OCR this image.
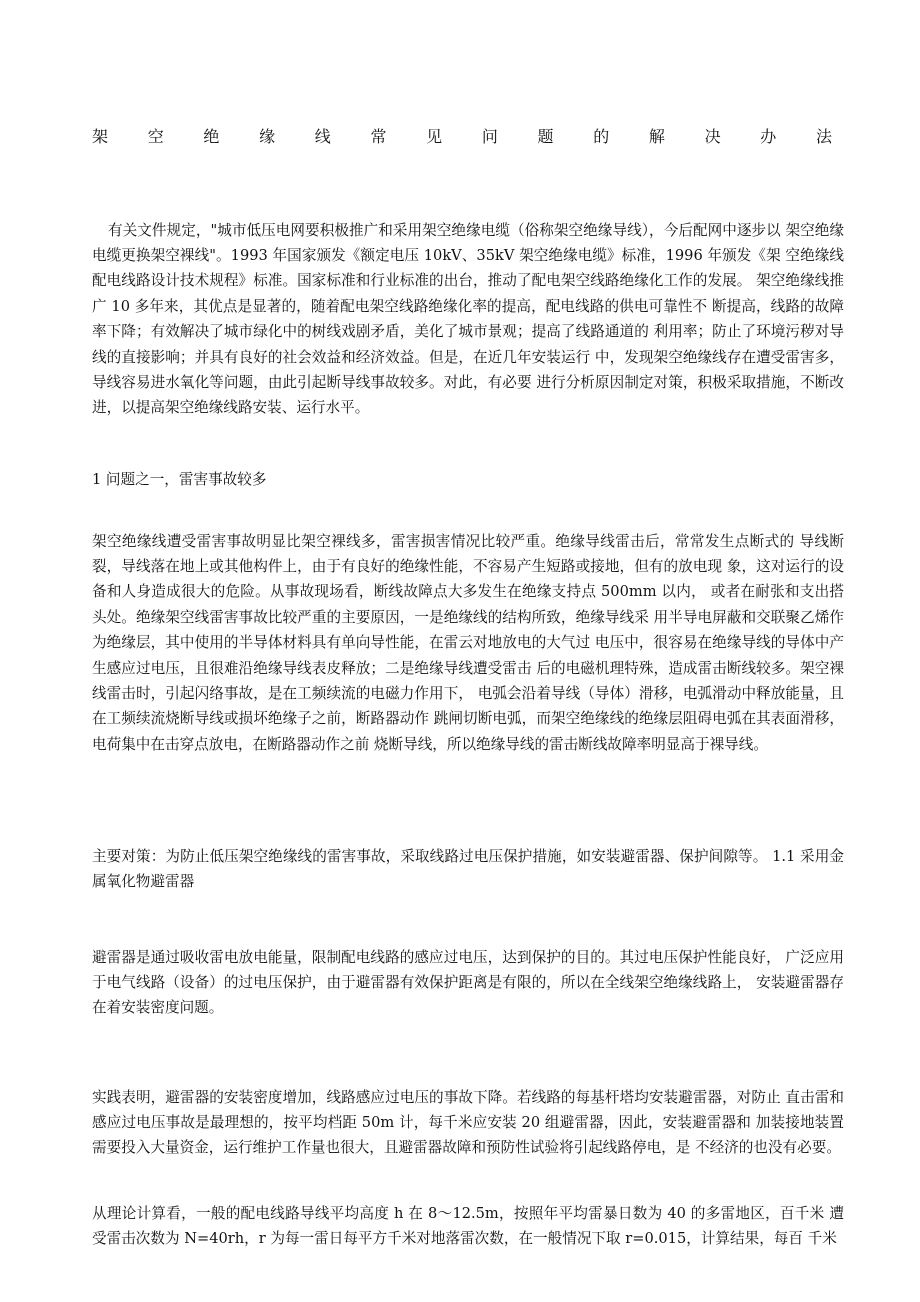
架 空 绝 缘 线 常 见 问 题 的 解 决 办 法

有关文件规定，"城市低压电网要积极推广和采用架空绝缘电缆（俗称架空绝缘导线），今后配网中逐步以 架空绝缘电缆更换架空裸线"。1993 年国家颁发《额定电压 10kV、35kV 架空绝缘电缆》标准，1996 年颁发《架 空绝缘线配电线路设计技术规程》标准。国家标准和行业标准的出台，推动了配电架空线路绝缘化工作的发展。 架空绝缘线推广 10 多年来，其优点是显著的，随着配电架空线路绝缘化率的提高，配电线路的供电可靠性不 断提高，线路的故障率下降；有效解决了城市绿化中的树线戏剧矛盾，美化了城市景观；提高了线路通道的 利用率；防止了环境污秽对导线的直接影响；并具有良好的社会效益和经济效益。但是，在近几年安装运行 中，发现架空绝缘线存在遭受雷害多，导线容易进水氧化等问题，由此引起断导线事故较多。对此，有必要 进行分析原因制定对策，积极采取措施，不断改进，以提高架空绝缘线路安装、运行水平。

1 问题之一，雷害事故较多

架空绝缘线遭受雷害事故明显比架空裸线多，雷害损害情况比较严重。绝缘导线雷击后，常常发生点断式的 导线断裂，导线落在地上或其他构件上，由于有良好的绝缘性能，不容易产生短路或接地，但有的放电现 象，这对运行的设备和人身造成很大的危险。从事故现场看，断线故障点大多发生在绝缘支持点 500mm 以内， 或者在耐张和支出搭头处。绝缘架空线雷害事故比较严重的主要原因，一是绝缘线的结构所致，绝缘导线采 用半导电屏蔽和交联聚乙烯作为绝缘层，其中使用的半导体材料具有单向导性能，在雷云对地放电的大气过 电压中，很容易在绝缘导线的导体中产生感应过电压，且很难沿绝缘导线表皮释放；二是绝缘导线遭受雷击 后的电磁机理特殊，造成雷击断线较多。架空裸线雷击时，引起闪络事故，是在工频续流的电磁力作用下， 电弧会沿着导线（导体）滑移，电弧滑动中释放能量，且在工频续流烧断导线或损坏绝缘子之前，断路器动作 跳闸切断电弧，而架空绝缘线的绝缘层阻碍电弧在其表面滑移，电荷集中在击穿点放电，在断路器动作之前 烧断导线，所以绝缘导线的雷击断线故障率明显高于裸导线。

主要对策：为防止低压架空绝缘线的雷害事故，采取线路过电压保护措施，如安装避雷器、保护间隙等。 1.1 采用金属氧化物避雷器

避雷器是通过吸收雷电放电能量，限制配电线路的感应过电压，达到保护的目的。其过电压保护性能良好， 广泛应用于电气线路（设备）的过电压保护，由于避雷器有效保护距离是有限的，所以在全线架空绝缘线路上， 安装避雷器存在着安装密度问题。

实践表明，避雷器的安装密度增加，线路感应过电压的事故下降。若线路的每基杆塔均安装避雷器，对防止 直击雷和感应过电压事故是最理想的，按平均档距 50m 计，每千米应安装 20 组避雷器，因此，安装避雷器和 加装接地装置需要投入大量资金，运行维护工作量也很大，且避雷器故障和预防性试验将引起线路停电，是 不经济的也没有必要。

从理论计算看，一般的配电线路导线平均高度 h 在 8～12.5m，按照年平均雷暴日数为 40 的多雷地区，百千米 遭受雷击次数为 N=40rh，r 为每一雷日每平方千米对地落雷次数，在一般情况下取 r=0.015，计算结果，每百 千米
